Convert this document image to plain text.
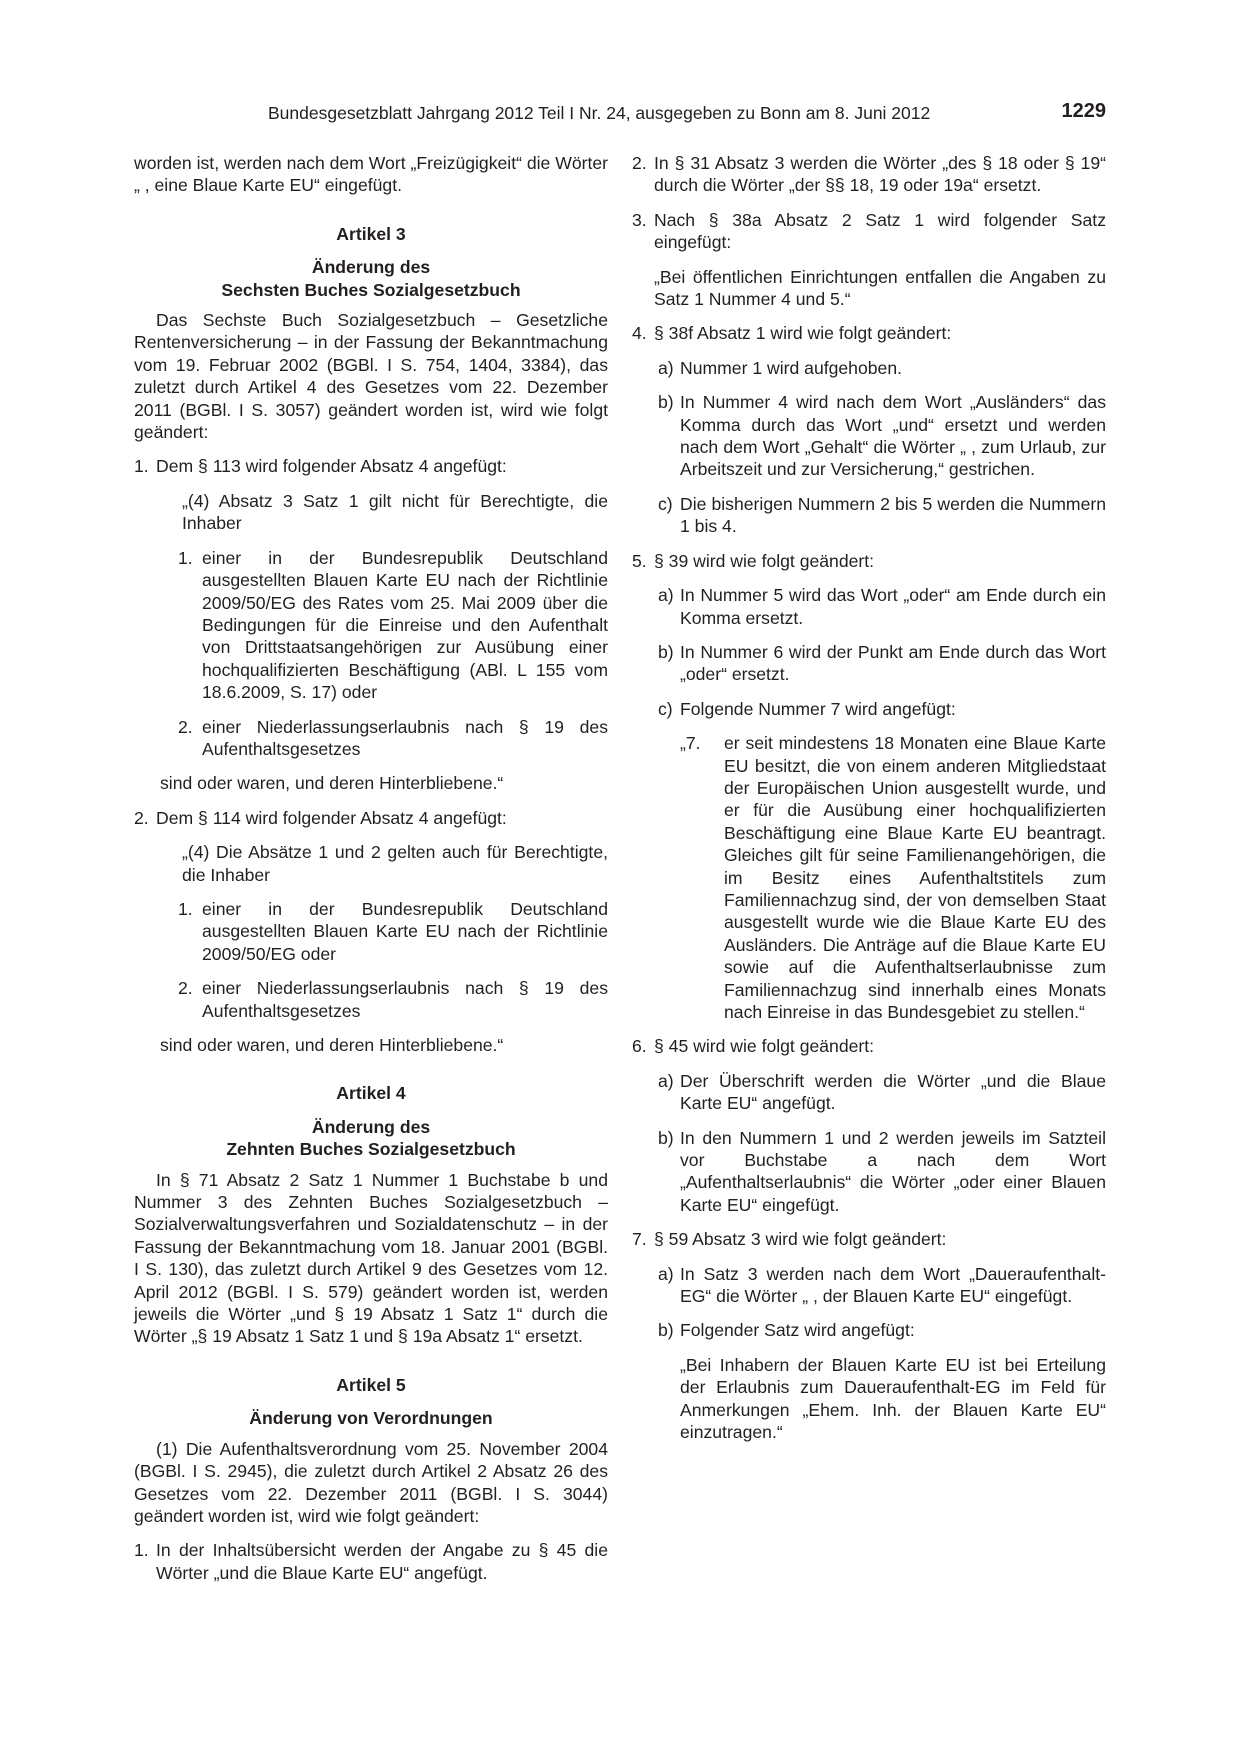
Bundesgesetzblatt Jahrgang 2012 Teil I Nr. 24, ausgegeben zu Bonn am 8. Juni 2012	1229

worden ist, werden nach dem Wort „Freizügigkeit“ die Wörter „ , eine Blaue Karte EU“ eingefügt.

Artikel 3

Änderung des

Sechsten Buches Sozialgesetzbuch

Das Sechste Buch Sozialgesetzbuch – Gesetzliche Rentenversicherung – in der Fassung der Bekanntmachung vom 19. Februar 2002 (BGBl. I S. 754, 1404, 3384), das zuletzt durch Artikel 4 des Gesetzes vom 22. Dezember 2011 (BGBl. I S. 3057) geändert worden ist, wird wie folgt geändert:

1. Dem § 113 wird folgender Absatz 4 angefügt:

„(4) Absatz 3 Satz 1 gilt nicht für Berechtigte, die Inhaber

1. einer in der Bundesrepublik Deutschland ausgestellten Blauen Karte EU nach der Richtlinie 2009/50/EG des Rates vom 25. Mai 2009 über die Bedingungen für die Einreise und den Aufenthalt von Drittstaatsangehörigen zur Ausübung einer hochqualifizierten Beschäftigung (ABl. L 155 vom 18.6.2009, S. 17) oder

2. einer Niederlassungserlaubnis nach § 19 des Aufenthaltsgesetzes

sind oder waren, und deren Hinterbliebene.“

2. Dem § 114 wird folgender Absatz 4 angefügt:

„(4) Die Absätze 1 und 2 gelten auch für Berechtigte, die Inhaber

1. einer in der Bundesrepublik Deutschland ausgestellten Blauen Karte EU nach der Richtlinie 2009/50/EG oder

2. einer Niederlassungserlaubnis nach § 19 des Aufenthaltsgesetzes

sind oder waren, und deren Hinterbliebene.“

Artikel 4

Änderung des

Zehnten Buches Sozialgesetzbuch

In § 71 Absatz 2 Satz 1 Nummer 1 Buchstabe b und Nummer 3 des Zehnten Buches Sozialgesetzbuch – Sozialverwaltungsverfahren und Sozialdatenschutz – in der Fassung der Bekanntmachung vom 18. Januar 2001 (BGBl. I S. 130), das zuletzt durch Artikel 9 des Gesetzes vom 12. April 2012 (BGBl. I S. 579) geändert worden ist, werden jeweils die Wörter „und § 19 Absatz 1 Satz 1“ durch die Wörter „§ 19 Absatz 1 Satz 1 und § 19a Absatz 1“ ersetzt.

Artikel 5

Änderung von Verordnungen

(1) Die Aufenthaltsverordnung vom 25. November 2004 (BGBl. I S. 2945), die zuletzt durch Artikel 2 Absatz 26 des Gesetzes vom 22. Dezember 2011 (BGBl. I S. 3044) geändert worden ist, wird wie folgt geändert:

1. In der Inhaltsübersicht werden der Angabe zu § 45 die Wörter „und die Blaue Karte EU“ angefügt.

2. In § 31 Absatz 3 werden die Wörter „des § 18 oder § 19“ durch die Wörter „der §§ 18, 19 oder 19a“ ersetzt.

3. Nach § 38a Absatz 2 Satz 1 wird folgender Satz eingefügt:

„Bei öffentlichen Einrichtungen entfallen die Angaben zu Satz 1 Nummer 4 und 5.“

4. § 38f Absatz 1 wird wie folgt geändert:

a) Nummer 1 wird aufgehoben.

b) In Nummer 4 wird nach dem Wort „Ausländers“ das Komma durch das Wort „und“ ersetzt und werden nach dem Wort „Gehalt“ die Wörter „ , zum Urlaub, zur Arbeitszeit und zur Versicherung,“ gestrichen.

c) Die bisherigen Nummern 2 bis 5 werden die Nummern 1 bis 4.

5. § 39 wird wie folgt geändert:

a) In Nummer 5 wird das Wort „oder“ am Ende durch ein Komma ersetzt.

b) In Nummer 6 wird der Punkt am Ende durch das Wort „oder“ ersetzt.

c) Folgende Nummer 7 wird angefügt:

„7. er seit mindestens 18 Monaten eine Blaue Karte EU besitzt, die von einem anderen Mitgliedstaat der Europäischen Union ausgestellt wurde, und er für die Ausübung einer hochqualifizierten Beschäftigung eine Blaue Karte EU beantragt. Gleiches gilt für seine Familienangehörigen, die im Besitz eines Aufenthaltstitels zum Familiennachzug sind, der von demselben Staat ausgestellt wurde wie die Blaue Karte EU des Ausländers. Die Anträge auf die Blaue Karte EU sowie auf die Aufenthaltserlaubnisse zum Familiennachzug sind innerhalb eines Monats nach Einreise in das Bundesgebiet zu stellen.“

6. § 45 wird wie folgt geändert:

a) Der Überschrift werden die Wörter „und die Blaue Karte EU“ angefügt.

b) In den Nummern 1 und 2 werden jeweils im Satzteil vor Buchstabe a nach dem Wort „Aufenthaltserlaubnis“ die Wörter „oder einer Blauen Karte EU“ eingefügt.

7. § 59 Absatz 3 wird wie folgt geändert:

a) In Satz 3 werden nach dem Wort „Daueraufenthalt-EG“ die Wörter „ , der Blauen Karte EU“ eingefügt.

b) Folgender Satz wird angefügt:

„Bei Inhabern der Blauen Karte EU ist bei Erteilung der Erlaubnis zum Daueraufenthalt-EG im Feld für Anmerkungen „Ehem. Inh. der Blauen Karte EU“ einzutragen.“
